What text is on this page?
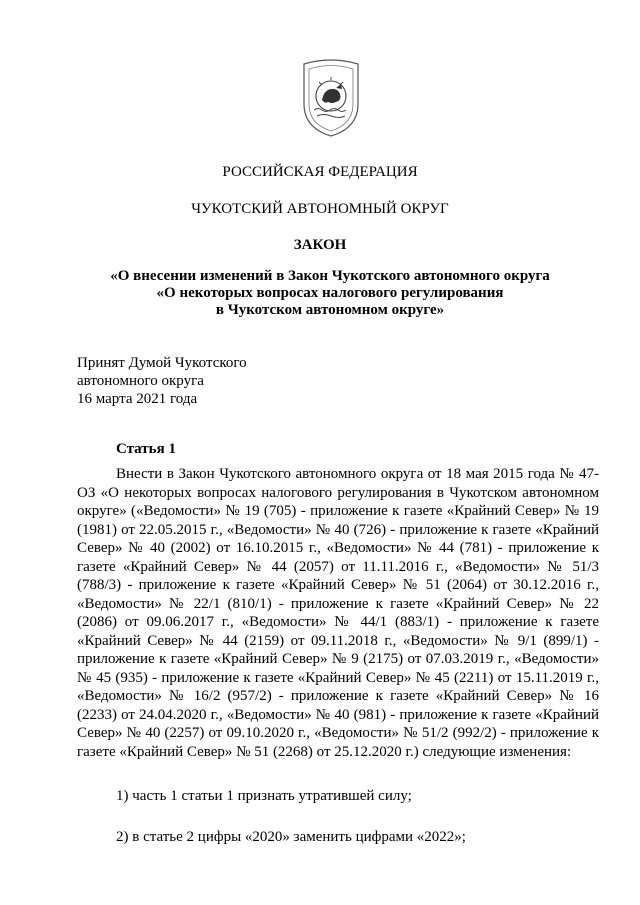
РОССИЙСКАЯ ФЕДЕРАЦИЯ
ЧУКОТСКИЙ АВТОНОМНЫЙ ОКРУГ
ЗАКОН
«О внесении изменений в Закон Чукотского автономного округа
«О некоторых вопросах налогового регулирования
в Чукотском автономном округе»
Принят Думой Чукотского
автономного округа
16 марта 2021 года
Статья 1
Внести в Закон Чукотского автономного округа от 18 мая 2015 года № 47-ОЗ «О некоторых вопросах налогового регулирования в Чукотском автономном округе» («Ведомости» № 19 (705) - приложение к газете «Крайний Север» № 19 (1981) от 22.05.2015 г., «Ведомости» № 40 (726) - приложение к газете «Крайний Север» № 40 (2002) от 16.10.2015 г., «Ведомости» № 44 (781) - приложение к газете «Крайний Север» № 44 (2057) от 11.11.2016 г., «Ведомости» № 51/3 (788/3) - приложение к газете «Крайний Север» № 51 (2064) от 30.12.2016 г., «Ведомости» № 22/1 (810/1) - приложение к газете «Крайний Север» № 22 (2086) от 09.06.2017 г., «Ведомости» № 44/1 (883/1) - приложение к газете «Крайний Север» № 44 (2159) от 09.11.2018 г., «Ведомости» № 9/1 (899/1) - приложение к газете «Крайний Север» № 9 (2175) от 07.03.2019 г., «Ведомости» № 45 (935) - приложение к газете «Крайний Север» № 45 (2211) от 15.11.2019 г., «Ведомости» № 16/2 (957/2) - приложение к газете «Крайний Север» № 16 (2233) от 24.04.2020 г., «Ведомости» № 40 (981) - приложение к газете «Крайний Север» № 40 (2257) от 09.10.2020 г., «Ведомости» № 51/2 (992/2) - приложение к газете «Крайний Север» № 51 (2268) от 25.12.2020 г.) следующие изменения:
1) часть 1 статьи 1 признать утратившей силу;
2) в статье 2 цифры «2020» заменить цифрами «2022»;
